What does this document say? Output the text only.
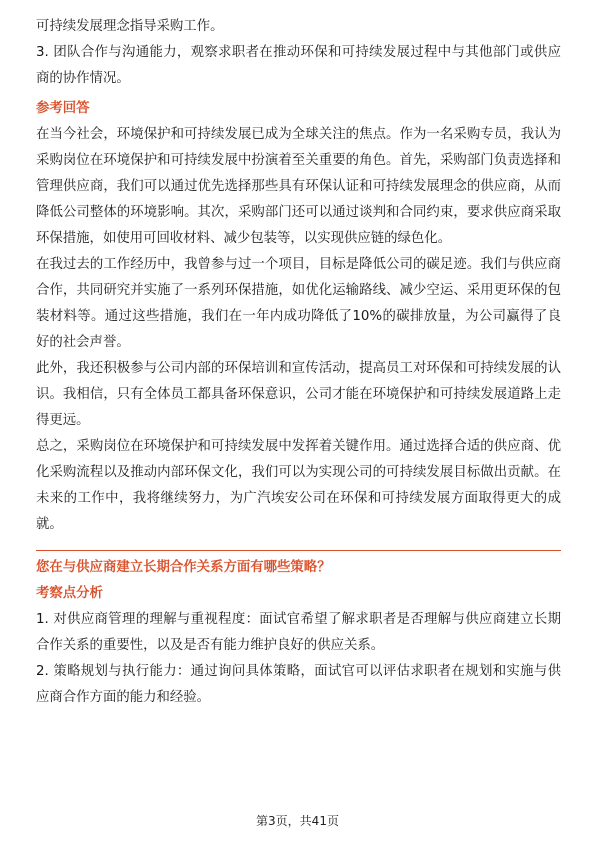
可持续发展理念指导采购工作。

3. 团队合作与沟通能力，观察求职者在推动环保和可持续发展过程中与其他部门或供应商的协作情况。

参考回答

在当今社会，环境保护和可持续发展已成为全球关注的焦点。作为一名采购专员，我认为采购岗位在环境保护和可持续发展中扮演着至关重要的角色。首先，采购部门负责选择和管理供应商，我们可以通过优先选择那些具有环保认证和可持续发展理念的供应商，从而降低公司整体的环境影响。其次，采购部门还可以通过谈判和合同约束，要求供应商采取环保措施，如使用可回收材料、减少包装等，以实现供应链的绿色化。

在我过去的工作经历中，我曾参与过一个项目，目标是降低公司的碳足迹。我们与供应商合作，共同研究并实施了一系列环保措施，如优化运输路线、减少空运、采用更环保的包装材料等。通过这些措施，我们在一年内成功降低了10%的碳排放量，为公司赢得了良好的社会声誉。

此外，我还积极参与公司内部的环保培训和宣传活动，提高员工对环保和可持续发展的认识。我相信，只有全体员工都具备环保意识，公司才能在环境保护和可持续发展道路上走得更远。

总之，采购岗位在环境保护和可持续发展中发挥着关键作用。通过选择合适的供应商、优化采购流程以及推动内部环保文化，我们可以为实现公司的可持续发展目标做出贡献。在未来的工作中，我将继续努力，为广汽埃安公司在环保和可持续发展方面取得更大的成就。

您在与供应商建立长期合作关系方面有哪些策略？

考察点分析

1. 对供应商管理的理解与重视程度：面试官希望了解求职者是否理解与供应商建立长期合作关系的重要性，以及是否有能力维护良好的供应关系。

2. 策略规划与执行能力：通过询问具体策略，面试官可以评估求职者在规划和实施与供应商合作方面的能力和经验。

第3页，共41页
